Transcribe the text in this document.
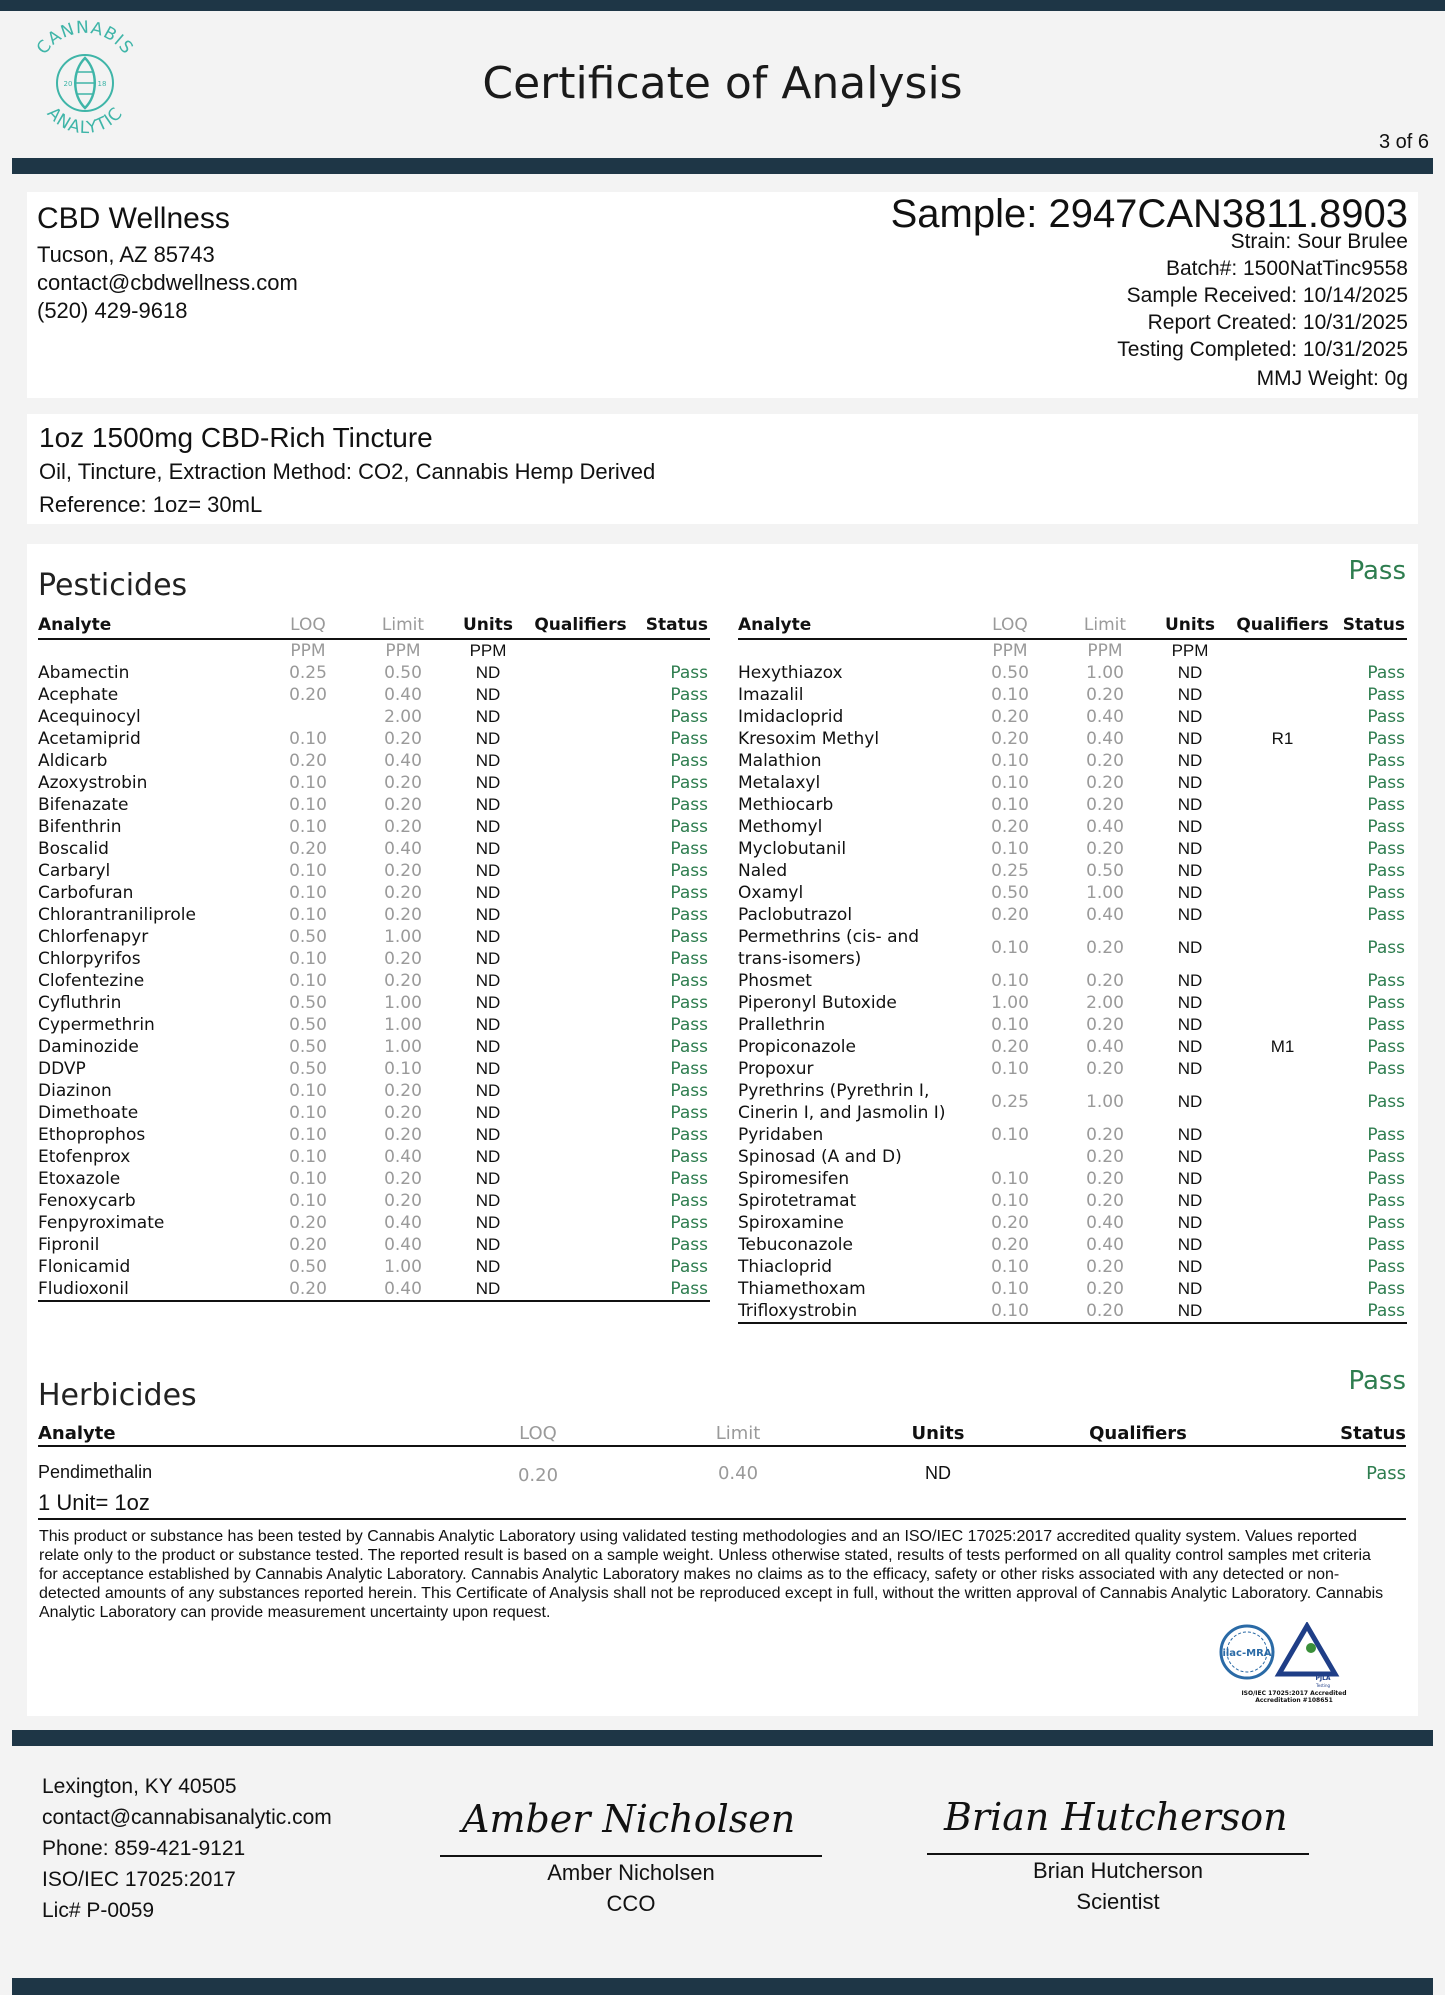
CANNABIS
ANALYTIC
20	18	Certificate of Analysis
3 of 6
CBD Wellness
Tucson, AZ 85743
contact@cbdwellness.com
(520) 429-9618
Sample: 2947CAN3811.8903
Strain: Sour Brulee
Batch#: 1500NatTinc9558
Sample Received: 10/14/2025
Report Created: 10/31/2025
Testing Completed: 10/31/2025
MMJ Weight: 0g
1oz 1500mg CBD-Rich Tincture
Oil, Tincture, Extraction Method: CO2, Cannabis Hemp Derived
Reference: 1oz= 30mL
Pesticides	Pass
Analyte	LOQ	Limit	Units	Qualifiers	Status
	PPM	PPM	PPM		
Abamectin	0.25	0.50	ND		Pass
Acephate	0.20	0.40	ND		Pass
Acequinocyl		2.00	ND		Pass
Acetamiprid	0.10	0.20	ND		Pass
Aldicarb	0.20	0.40	ND		Pass
Azoxystrobin	0.10	0.20	ND		Pass
Bifenazate	0.10	0.20	ND		Pass
Bifenthrin	0.10	0.20	ND		Pass
Boscalid	0.20	0.40	ND		Pass
Carbaryl	0.10	0.20	ND		Pass
Carbofuran	0.10	0.20	ND		Pass
Chlorantraniliprole	0.10	0.20	ND		Pass
Chlorfenapyr	0.50	1.00	ND		Pass
Chlorpyrifos	0.10	0.20	ND		Pass
Clofentezine	0.10	0.20	ND		Pass
Cyfluthrin	0.50	1.00	ND		Pass
Cypermethrin	0.50	1.00	ND		Pass
Daminozide	0.50	1.00	ND		Pass
DDVP	0.50	0.10	ND		Pass
Diazinon	0.10	0.20	ND		Pass
Dimethoate	0.10	0.20	ND		Pass
Ethoprophos	0.10	0.20	ND		Pass
Etofenprox	0.10	0.40	ND		Pass
Etoxazole	0.10	0.20	ND		Pass
Fenoxycarb	0.10	0.20	ND		Pass
Fenpyroximate	0.20	0.40	ND		Pass
Fipronil	0.20	0.40	ND		Pass
Flonicamid	0.50	1.00	ND		Pass
Fludioxonil	0.20	0.40	ND		Pass
Analyte	LOQ	Limit	Units	Qualifiers	Status
	PPM	PPM	PPM		
Hexythiazox	0.50	1.00	ND		Pass
Imazalil	0.10	0.20	ND		Pass
Imidacloprid	0.20	0.40	ND		Pass
Kresoxim Methyl	0.20	0.40	ND	R1	Pass
Malathion	0.10	0.20	ND		Pass
Metalaxyl	0.10	0.20	ND		Pass
Methiocarb	0.10	0.20	ND		Pass
Methomyl	0.20	0.40	ND		Pass
Myclobutanil	0.10	0.20	ND		Pass
Naled	0.25	0.50	ND		Pass
Oxamyl	0.50	1.00	ND		Pass
Paclobutrazol	0.20	0.40	ND		Pass
Permethrins (cis- and trans-isomers)	0.10	0.20	ND		Pass
Phosmet	0.10	0.20	ND		Pass
Piperonyl Butoxide	1.00	2.00	ND		Pass
Prallethrin	0.10	0.20	ND		Pass
Propiconazole	0.20	0.40	ND	M1	Pass
Propoxur	0.10	0.20	ND		Pass
Pyrethrins (Pyrethrin I, Cinerin I, and Jasmolin I)	0.25	1.00	ND		Pass
Pyridaben	0.10	0.20	ND		Pass
Spinosad (A and D)		0.20	ND		Pass
Spiromesifen	0.10	0.20	ND		Pass
Spirotetramat	0.10	0.20	ND		Pass
Spiroxamine	0.20	0.40	ND		Pass
Tebuconazole	0.20	0.40	ND		Pass
Thiacloprid	0.10	0.20	ND		Pass
Thiamethoxam	0.10	0.20	ND		Pass
Trifloxystrobin	0.10	0.20	ND		Pass
Herbicides	Pass
Analyte	LOQ	Limit	Units	Qualifiers	Status
Pendimethalin	0.20	0.40	ND		Pass
1 Unit= 1oz
This product or substance has been tested by Cannabis Analytic Laboratory using validated testing methodologies and an ISO/IEC 17025:2017 accredited quality system. Values reported relate only to the product or substance tested. The reported result is based on a sample weight. Unless otherwise stated, results of tests performed on all quality control samples met criteria for acceptance established by Cannabis Analytic Laboratory. Cannabis Analytic Laboratory makes no claims as to the efficacy, safety or other risks associated with any detected or non-detected amounts of any substances reported herein. This Certificate of Analysis shall not be reproduced except in full, without the written approval of Cannabis Analytic Laboratory. Cannabis Analytic Laboratory can provide measurement uncertainty upon request.
ilac-MRA
PJLA
Testing
ISO/IEC 17025:2017 Accredited
Accreditation #108651
Lexington, KY 40505
contact@cannabisanalytic.com
Phone: 859-421-9121
ISO/IEC 17025:2017
Lic# P-0059
Amber Nicholsen
Amber Nicholsen
CCO
Brian Hutcherson
Brian Hutcherson
Scientist
